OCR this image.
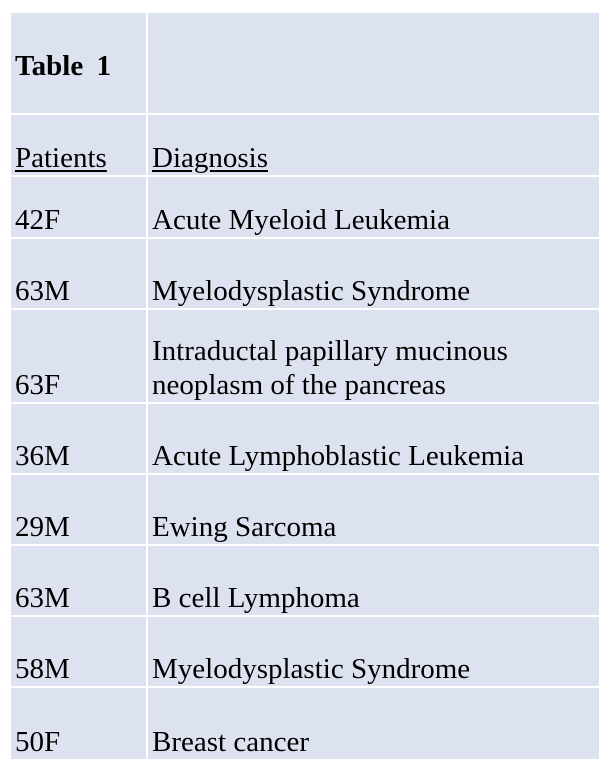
Table 1	
Patients	Diagnosis
42F	Acute Myeloid Leukemia
63M	Myelodysplastic Syndrome
63F	Intraductal papillary mucinous
neoplasm of the pancreas

36M	Acute Lymphoblastic Leukemia
29M	Ewing Sarcoma
63M	B cell Lymphoma
58M	Myelodysplastic Syndrome
50F	Breast cancer
